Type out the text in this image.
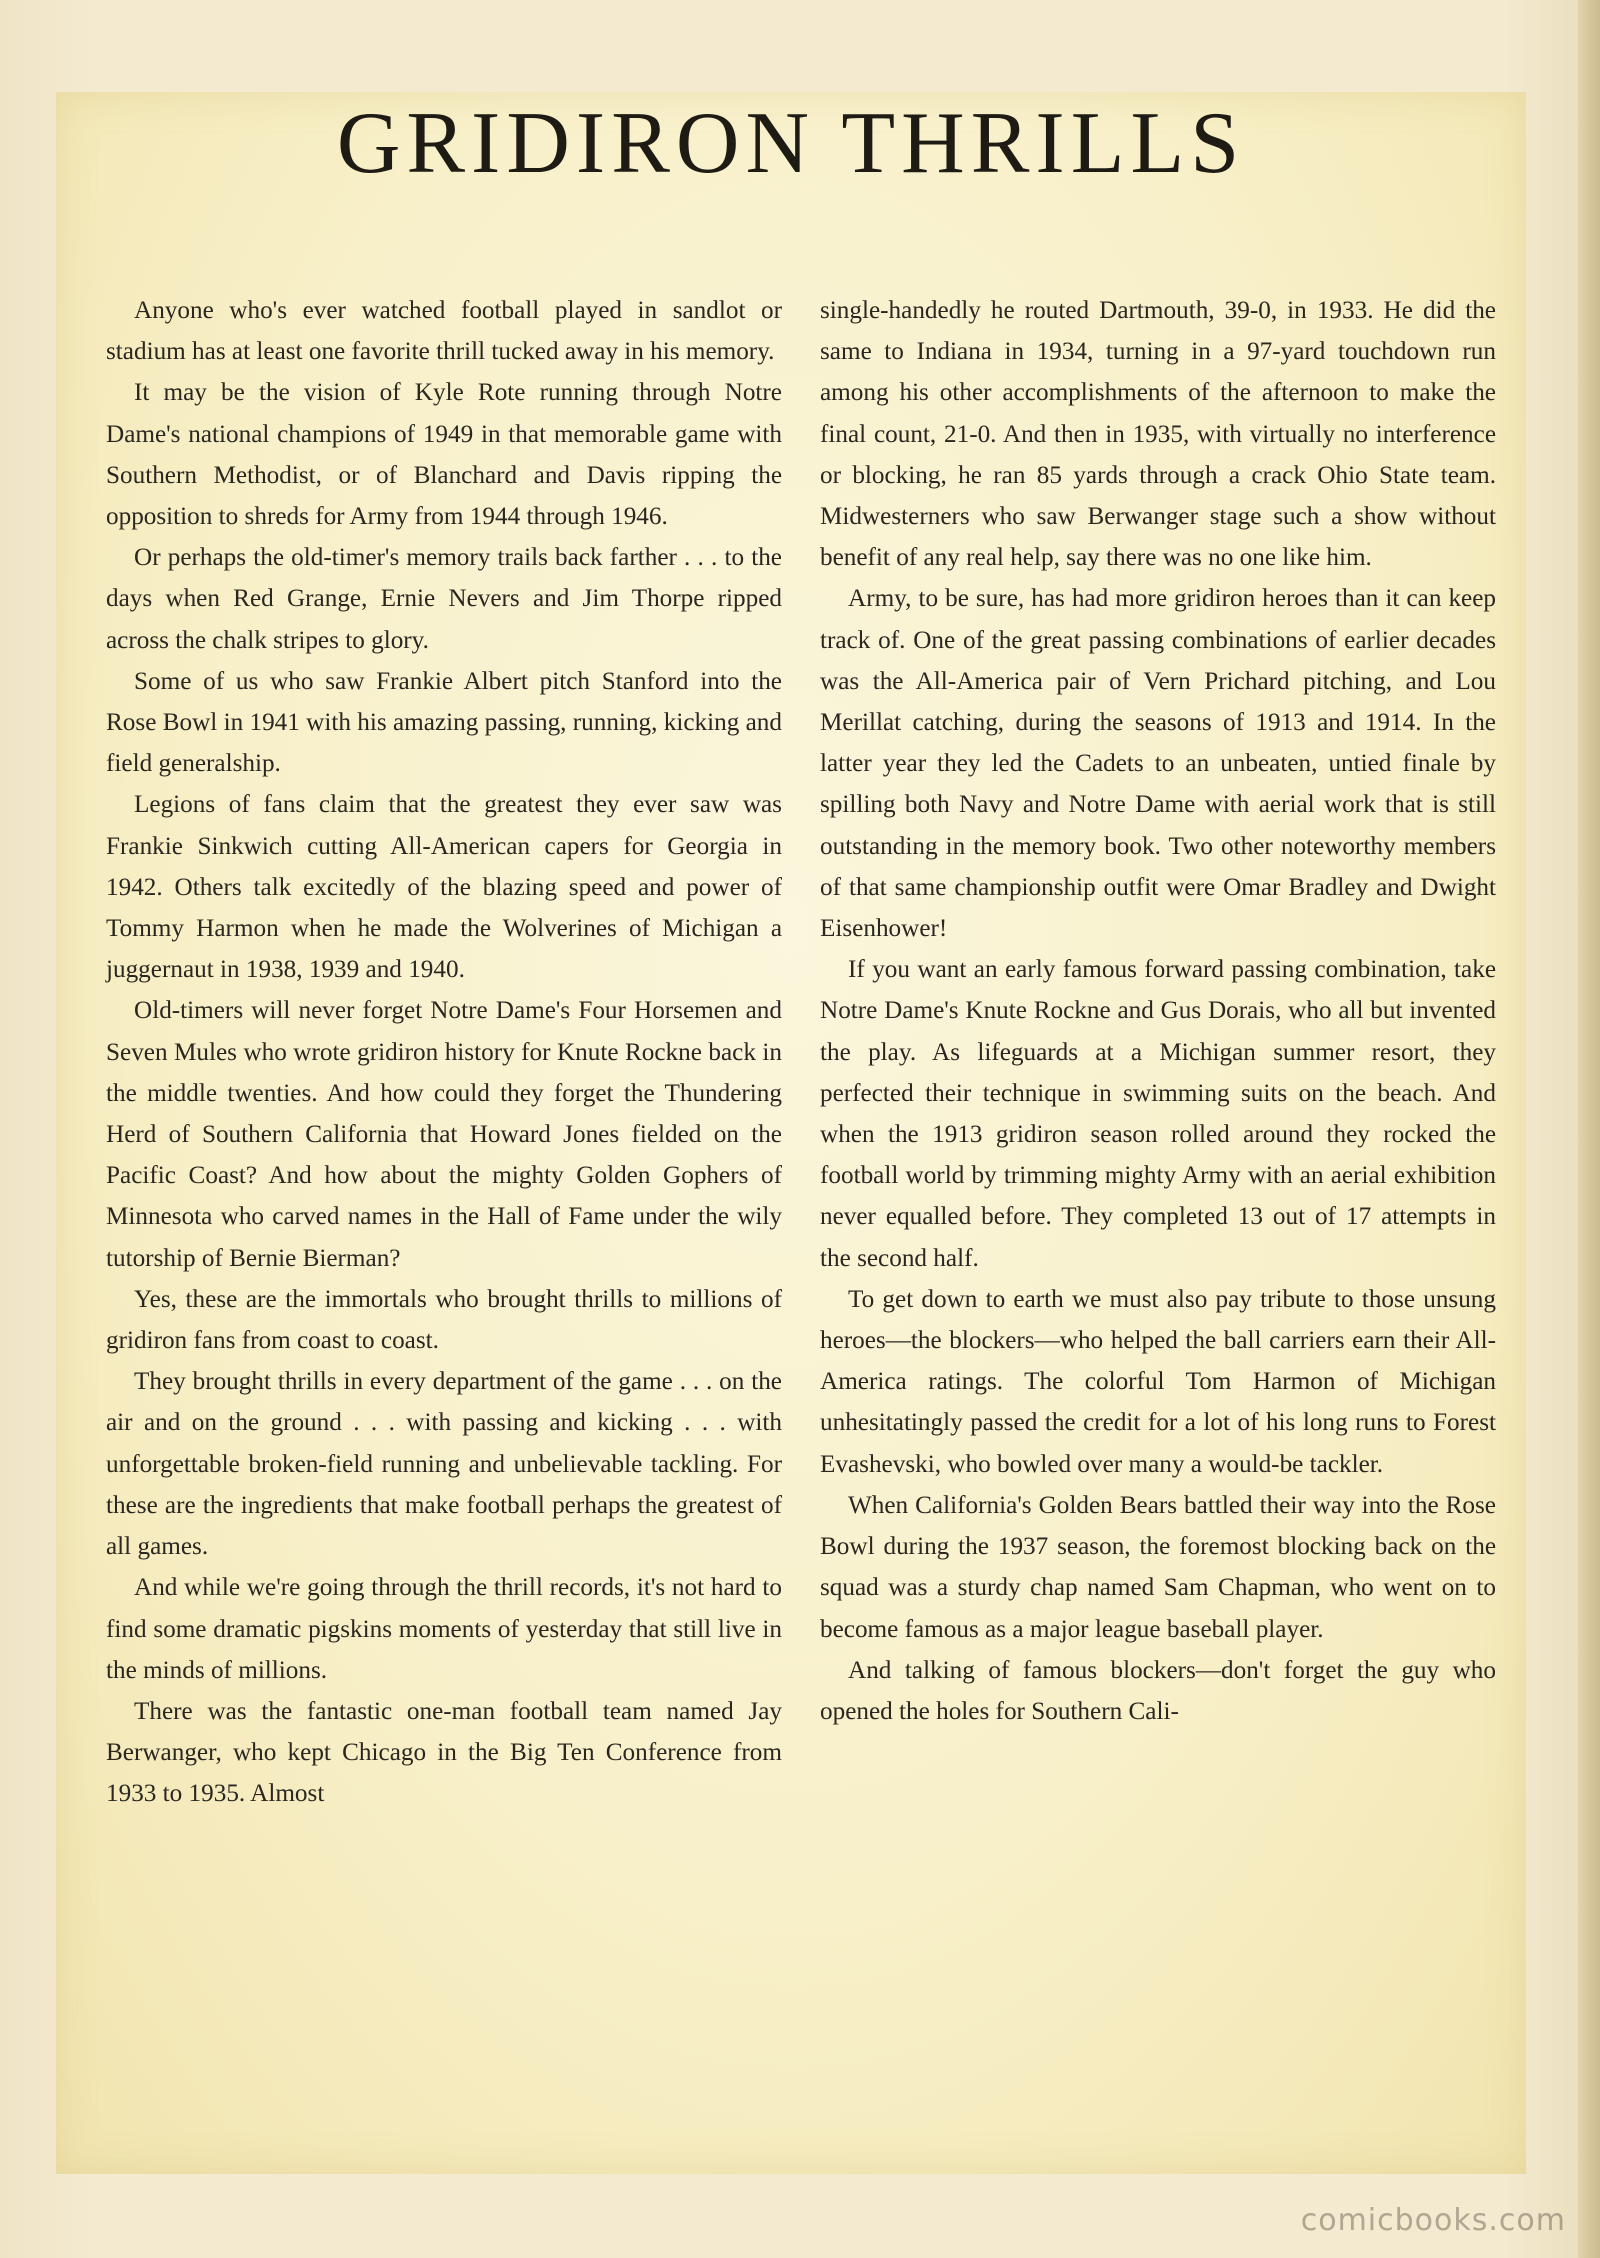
GRIDIRON THRILLS

Anyone who's ever watched football played in sandlot or stadium has at least one favorite thrill tucked away in his memory.

It may be the vision of Kyle Rote running through Notre Dame's national champions of 1949 in that memorable game with Southern Methodist, or of Blanchard and Davis ripping the opposition to shreds for Army from 1944 through 1946.

Or perhaps the old-timer's memory trails back farther . . . to the days when Red Grange, Ernie Nevers and Jim Thorpe ripped across the chalk stripes to glory.

Some of us who saw Frankie Albert pitch Stanford into the Rose Bowl in 1941 with his amazing passing, running, kicking and field generalship.

Legions of fans claim that the greatest they ever saw was Frankie Sinkwich cutting All-American capers for Georgia in 1942. Others talk excitedly of the blazing speed and power of Tommy Harmon when he made the Wolverines of Michigan a juggernaut in 1938, 1939 and 1940.

Old-timers will never forget Notre Dame's Four Horsemen and Seven Mules who wrote gridiron history for Knute Rockne back in the middle twenties. And how could they forget the Thundering Herd of Southern California that Howard Jones fielded on the Pacific Coast? And how about the mighty Golden Gophers of Minnesota who carved names in the Hall of Fame under the wily tutorship of Bernie Bierman?

Yes, these are the immortals who brought thrills to millions of gridiron fans from coast to coast.

They brought thrills in every department of the game . . . on the air and on the ground . . . with passing and kicking . . . with unforgettable broken-field running and unbelievable tackling. For these are the ingredients that make football perhaps the greatest of all games.

And while we're going through the thrill records, it's not hard to find some dramatic pigskins moments of yesterday that still live in the minds of millions.

There was the fantastic one-man football team named Jay Berwanger, who kept Chicago in the Big Ten Conference from 1933 to 1935. Almost

single-handedly he routed Dartmouth, 39-0, in 1933. He did the same to Indiana in 1934, turning in a 97-yard touchdown run among his other accomplishments of the afternoon to make the final count, 21-0. And then in 1935, with virtually no interference or blocking, he ran 85 yards through a crack Ohio State team. Midwesterners who saw Berwanger stage such a show without benefit of any real help, say there was no one like him.

Army, to be sure, has had more gridiron heroes than it can keep track of. One of the great passing combinations of earlier decades was the All-America pair of Vern Prichard pitching, and Lou Merillat catching, during the seasons of 1913 and 1914. In the latter year they led the Cadets to an unbeaten, untied finale by spilling both Navy and Notre Dame with aerial work that is still outstanding in the memory book. Two other noteworthy members of that same championship outfit were Omar Bradley and Dwight Eisenhower!

If you want an early famous forward passing combination, take Notre Dame's Knute Rockne and Gus Dorais, who all but invented the play. As lifeguards at a Michigan summer resort, they perfected their technique in swimming suits on the beach. And when the 1913 gridiron season rolled around they rocked the football world by trimming mighty Army with an aerial exhibition never equalled before. They completed 13 out of 17 attempts in the second half.

To get down to earth we must also pay tribute to those unsung heroes—the blockers—who helped the ball carriers earn their All-America ratings. The colorful Tom Harmon of Michigan unhesitatingly passed the credit for a lot of his long runs to Forest Evashevski, who bowled over many a would-be tackler.

When California's Golden Bears battled their way into the Rose Bowl during the 1937 season, the foremost blocking back on the squad was a sturdy chap named Sam Chapman, who went on to become famous as a major league baseball player.

And talking of famous blockers—don't forget the guy who opened the holes for Southern Cali-

comicbooks.com
